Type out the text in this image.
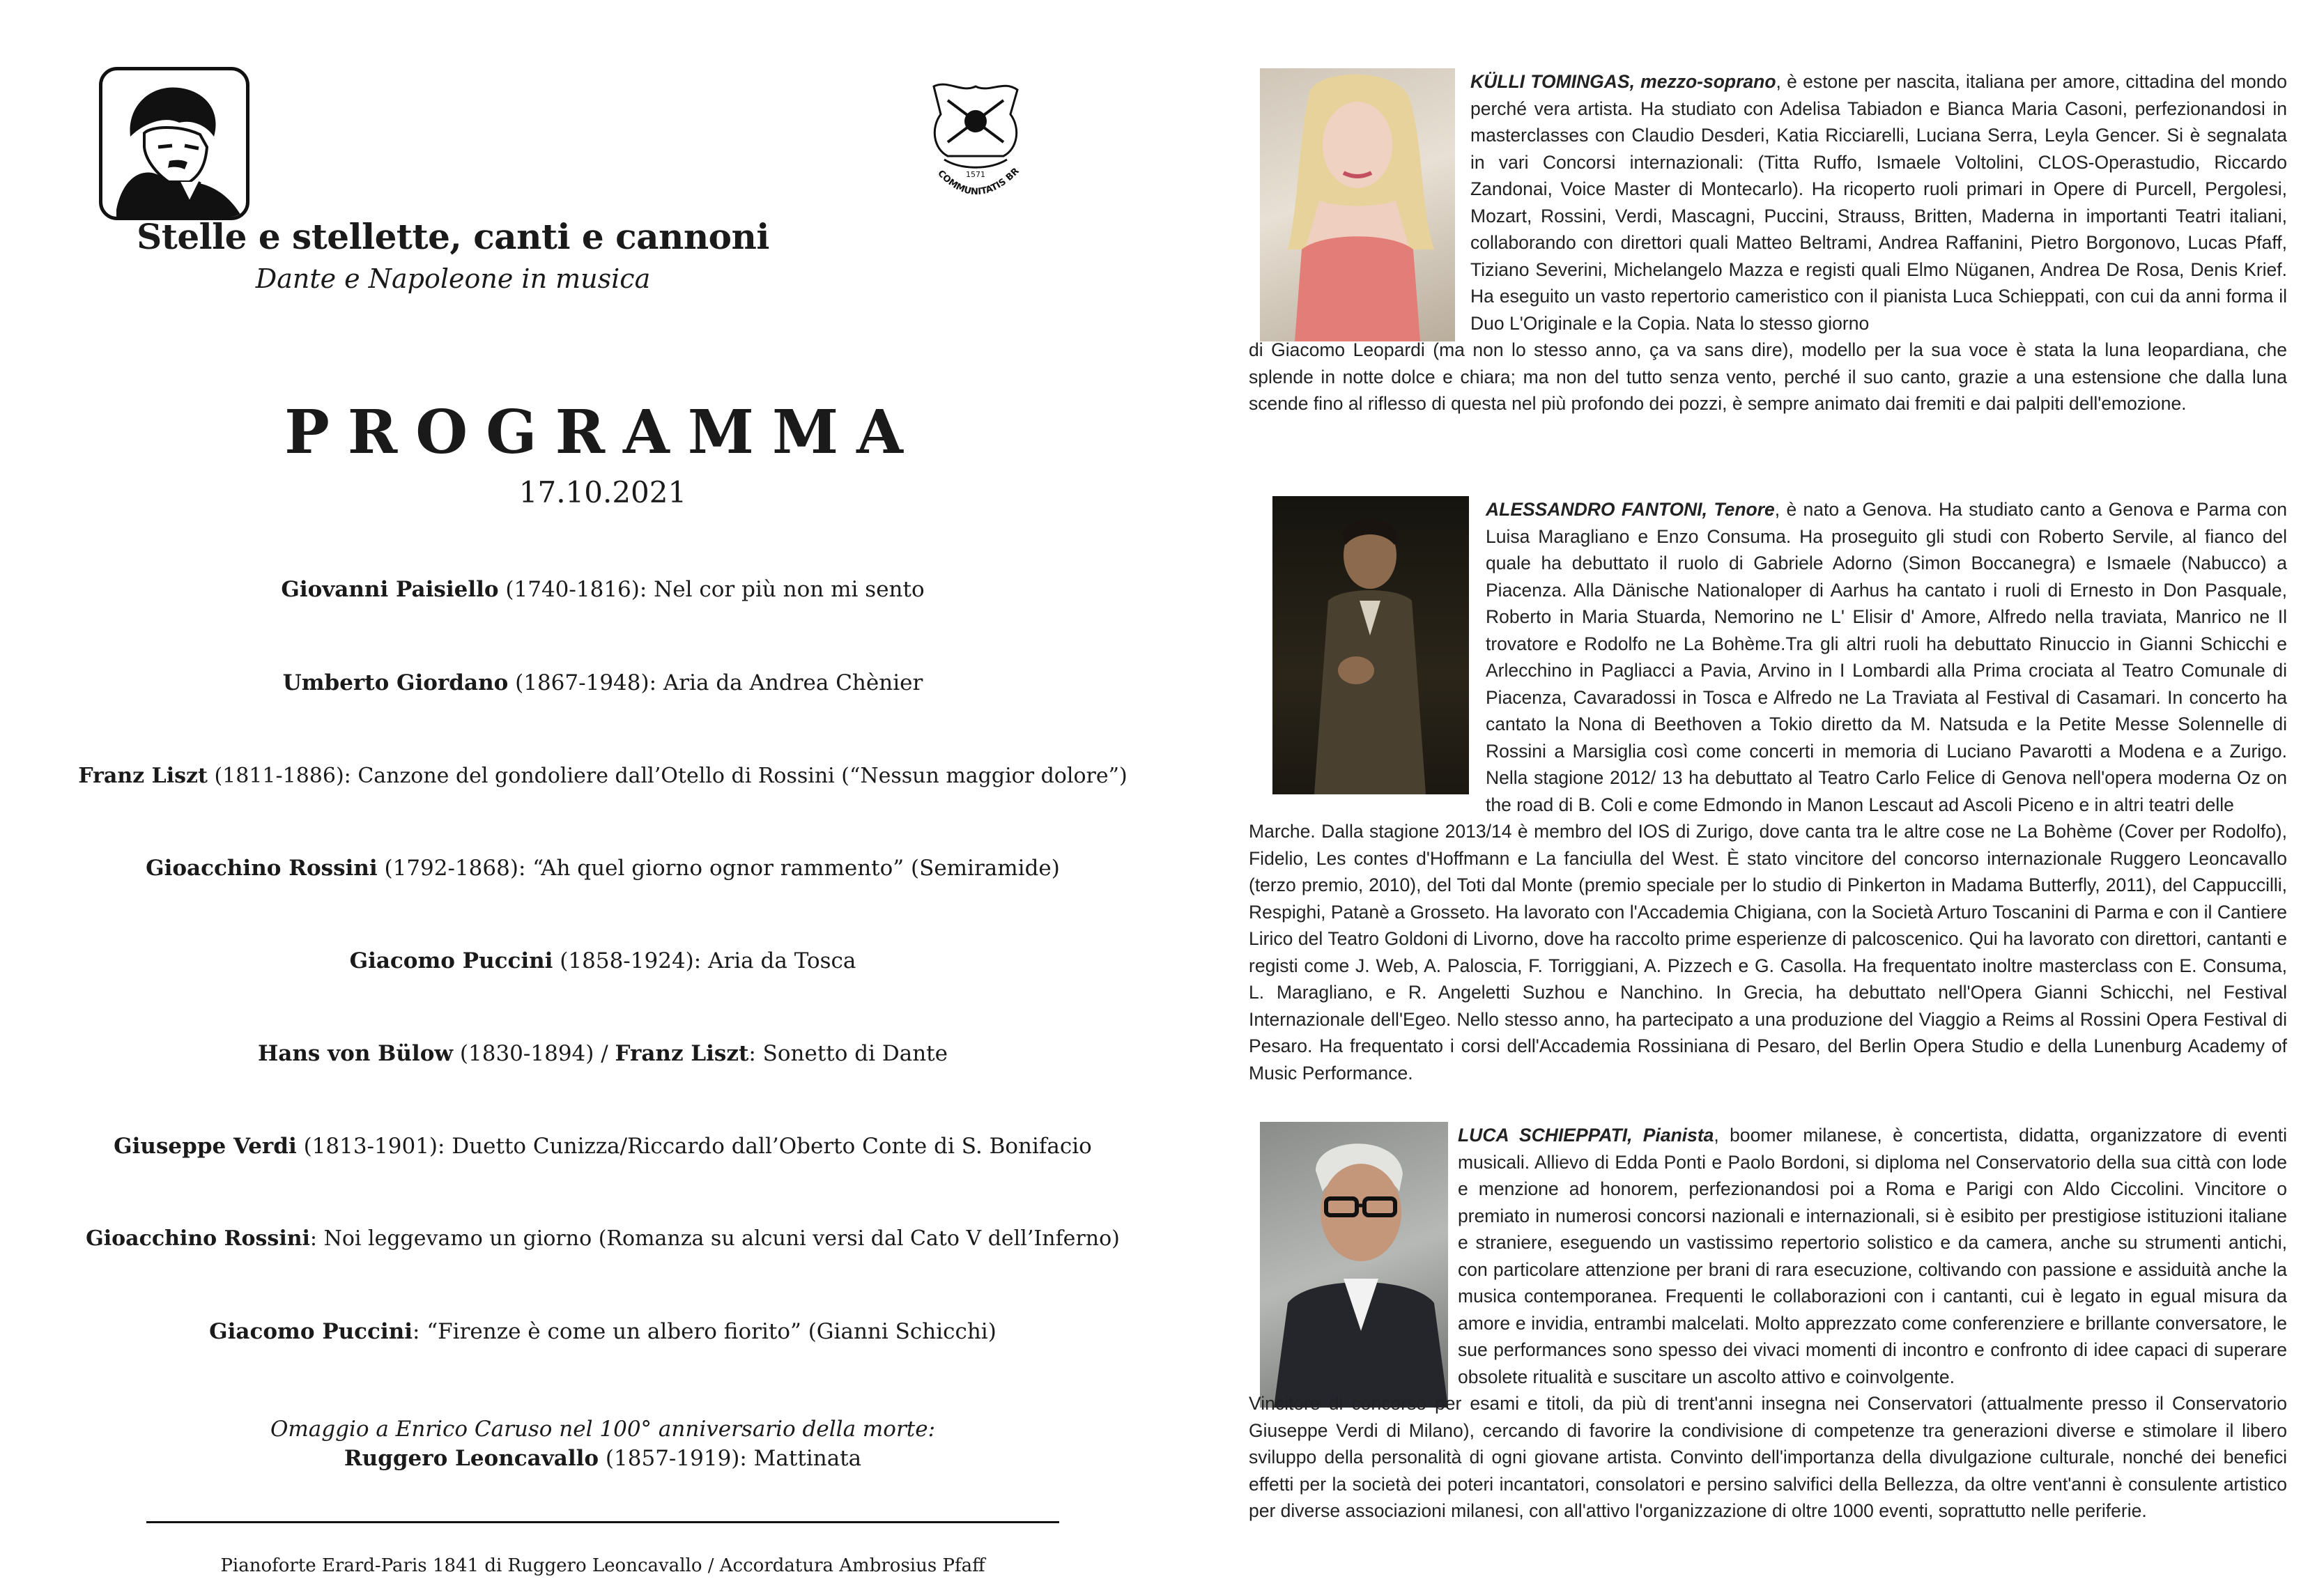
COMMUNITATIS BR
1571
Stelle e stellette, canti e cannoni
Dante e Napoleone in musica
PROGRAMMA
17.10.2021
Giovanni Paisiello (1740-1816): Nel cor più non mi sento
Umberto Giordano (1867-1948): Aria da Andrea Chènier
Franz Liszt (1811-1886): Canzone del gondoliere dall’Otello di Rossini (“Nessun maggior dolore”)
Gioacchino Rossini (1792-1868): “Ah quel giorno ognor rammento” (Semiramide)
Giacomo Puccini (1858-1924): Aria da Tosca
Hans von Bülow (1830-1894) / Franz Liszt: Sonetto di Dante
Giuseppe Verdi (1813-1901): Duetto Cunizza/Riccardo dall’Oberto Conte di S. Bonifacio
Gioacchino Rossini: Noi leggevamo un giorno (Romanza su alcuni versi dal Cato V dell’Inferno)
Giacomo Puccini: “Firenze è come un albero fiorito” (Gianni Schicchi)
Omaggio a Enrico Caruso nel 100° anniversario della morte:
Ruggero Leoncavallo (1857-1919): Mattinata
Pianoforte Erard-Paris 1841 di Ruggero Leoncavallo / Accordatura Ambrosius Pfaff
KÜLLI TOMINGAS, mezzo-soprano, è estone per nascita, italiana per amore, cittadina del mondo perché vera artista. Ha studiato con Adelisa Tabiadon e Bianca Maria Casoni, perfezionandosi in masterclasses con Claudio Desderi, Katia Ricciarelli, Luciana Serra, Leyla Gencer. Si è segnalata in vari Concorsi internazionali: (Titta Ruffo, Ismaele Voltolini, CLOS-Operastudio, Riccardo Zandonai, Voice Master di Montecarlo). Ha ricoperto ruoli primari in Opere di Purcell, Pergolesi, Mozart, Rossini, Verdi, Mascagni, Puccini, Strauss, Britten, Maderna in importanti Teatri italiani, collaborando con direttori quali Matteo Beltrami, Andrea Raffanini, Pietro Borgonovo, Lucas Pfaff, Tiziano Severini, Michelangelo Mazza e registi quali Elmo Nüganen, Andrea De Rosa, Denis Krief. Ha eseguito un vasto repertorio cameristico con il pianista Luca Schieppati, con cui da anni forma il Duo L'Originale e la Copia. Nata lo stesso giorno
di Giacomo Leopardi (ma non lo stesso anno, ça va sans dire), modello per la sua voce è stata la luna leopardiana, che splende in notte dolce e chiara; ma non del tutto senza vento, perché il suo canto, grazie a una estensione che dalla luna scende fino al riflesso di questa nel più profondo dei pozzi, è sempre animato dai fremiti e dai palpiti dell'emozione.
ALESSANDRO FANTONI, Tenore, è nato a Genova. Ha studiato canto a Genova e Parma con Luisa Maragliano e Enzo Consuma. Ha proseguito gli studi con Roberto Servile, al fianco del quale ha debuttato il ruolo di Gabriele Adorno (Simon Boccanegra) e Ismaele (Nabucco) a Piacenza. Alla Dänische Nationaloper di Aarhus ha cantato i ruoli di Ernesto in Don Pasquale, Roberto in Maria Stuarda, Nemorino ne L' Elisir d' Amore, Alfredo nella traviata, Manrico ne Il trovatore e Rodolfo ne La Bohème.Tra gli altri ruoli ha debuttato Rinuccio in Gianni Schicchi e Arlecchino in Pagliacci a Pavia, Arvino in I Lombardi alla Prima crociata al Teatro Comunale di Piacenza, Cavaradossi in Tosca e Alfredo ne La Traviata al Festival di Casamari. In concerto ha cantato la Nona di Beethoven a Tokio diretto da M. Natsuda e la Petite Messe Solennelle di Rossini a Marsiglia così come concerti in memoria di Luciano Pavarotti a Modena e a Zurigo. Nella stagione 2012/ 13 ha debuttato al Teatro Carlo Felice di Genova nell'opera moderna Oz on the road di B. Coli e come Edmondo in Manon Lescaut ad Ascoli Piceno e in altri teatri delle
Marche. Dalla stagione 2013/14 è membro del IOS di Zurigo, dove canta tra le altre cose ne La Bohème (Cover per Rodolfo), Fidelio, Les contes d'Hoffmann e La fanciulla del West. È stato vincitore del concorso internazionale Ruggero Leoncavallo (terzo premio, 2010), del Toti dal Monte (premio speciale per lo studio di Pinkerton in Madama Butterfly, 2011), del Cappuccilli, Respighi, Patanè a Grosseto. Ha lavorato con l'Accademia Chigiana, con la Società Arturo Toscanini di Parma e con il Cantiere Lirico del Teatro Goldoni di Livorno, dove ha raccolto prime esperienze di palcoscenico. Qui ha lavorato con direttori, cantanti e registi come J. Web, A. Paloscia, F. Torriggiani, A. Pizzech e G. Casolla. Ha frequentato inoltre masterclass con E. Consuma, L. Maragliano, e R. Angeletti Suzhou e Nanchino. In Grecia, ha debuttato nell'Opera Gianni Schicchi, nel Festival Internazionale dell'Egeo. Nello stesso anno, ha partecipato a una produzione del Viaggio a Reims al Rossini Opera Festival di Pesaro. Ha frequentato i corsi dell'Accademia Rossiniana di Pesaro, del Berlin Opera Studio e della Lunenburg Academy of Music Performance.
LUCA SCHIEPPATI, Pianista, boomer milanese, è concertista, didatta, organizzatore di eventi musicali. Allievo di Edda Ponti e Paolo Bordoni, si diploma nel Conservatorio della sua città con lode e menzione ad honorem, perfezionandosi poi a Roma e Parigi con Aldo Ciccolini. Vincitore o premiato in numerosi concorsi nazionali e internazionali, si è esibito per prestigiose istituzioni italiane e straniere, eseguendo un vastissimo repertorio solistico e da camera, anche su strumenti antichi, con particolare attenzione per brani di rara esecuzione, coltivando con passione e assiduità anche la musica contemporanea. Frequenti le collaborazioni con i cantanti, cui è legato in egual misura da amore e invidia, entrambi malcelati. Molto apprezzato come conferenziere e brillante conversatore, le sue performances sono spesso dei vivaci momenti di incontro e confronto di idee capaci di superare obsolete ritualità e suscitare un ascolto attivo e coinvolgente.
Vincitore di concorso per esami e titoli, da più di trent'anni insegna nei Conservatori (attualmente presso il Conservatorio Giuseppe Verdi di Milano), cercando di favorire la condivisione di competenze tra generazioni diverse e stimolare il libero sviluppo della personalità di ogni giovane artista. Convinto dell'importanza della divulgazione culturale, nonché dei benefici effetti per la società dei poteri incantatori, consolatori e persino salvifici della Bellezza, da oltre vent'anni è consulente artistico per diverse associazioni milanesi, con all'attivo l'organizzazione di oltre 1000 eventi, soprattutto nelle periferie.
